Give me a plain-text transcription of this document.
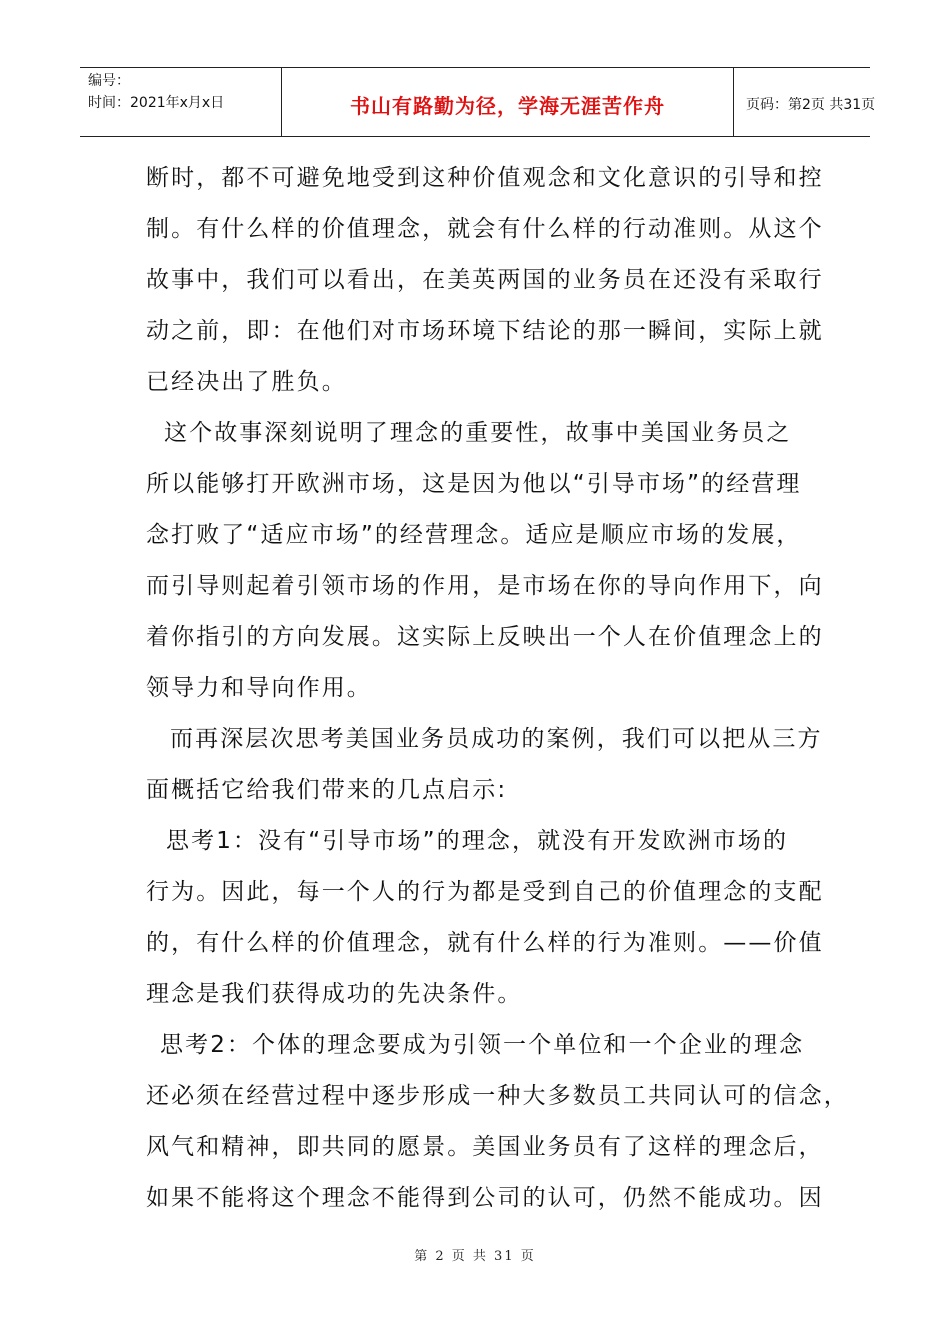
编号：
时间：2021年x月x日	书山有路勤为径，学海无涯苦作舟	页码：第2页 共31页
断时，都不可避免地受到这种价值观念和文化意识的引导和控
制。有什么样的价值理念，就会有什么样的行动准则。从这个
故事中，我们可以看出，在美英两国的业务员在还没有采取行
动之前，即：在他们对市场环境下结论的那一瞬间，实际上就
已经决出了胜负。
这个故事深刻说明了理念的重要性，故事中美国业务员之
所以能够打开欧洲市场，这是因为他以“引导市场”的经营理
念打败了“适应市场”的经营理念。适应是顺应市场的发展，
而引导则起着引领市场的作用，是市场在你的导向作用下，向
着你指引的方向发展。这实际上反映出一个人在价值理念上的
领导力和导向作用。
而再深层次思考美国业务员成功的案例，我们可以把从三方
面概括它给我们带来的几点启示:
思考1：没有“引导市场”的理念，就没有开发欧洲市场的
行为。因此，每一个人的行为都是受到自己的价值理念的支配
的，有什么样的价值理念，就有什么样的行为准则。——价值
理念是我们获得成功的先决条件。
思考2：个体的理念要成为引领一个单位和一个企业的理念
还必须在经营过程中逐步形成一种大多数员工共同认可的信念，
风气和精神，即共同的愿景。美国业务员有了这样的理念后，
如果不能将这个理念不能得到公司的认可，仍然不能成功。因
第 2 页 共 31 页
